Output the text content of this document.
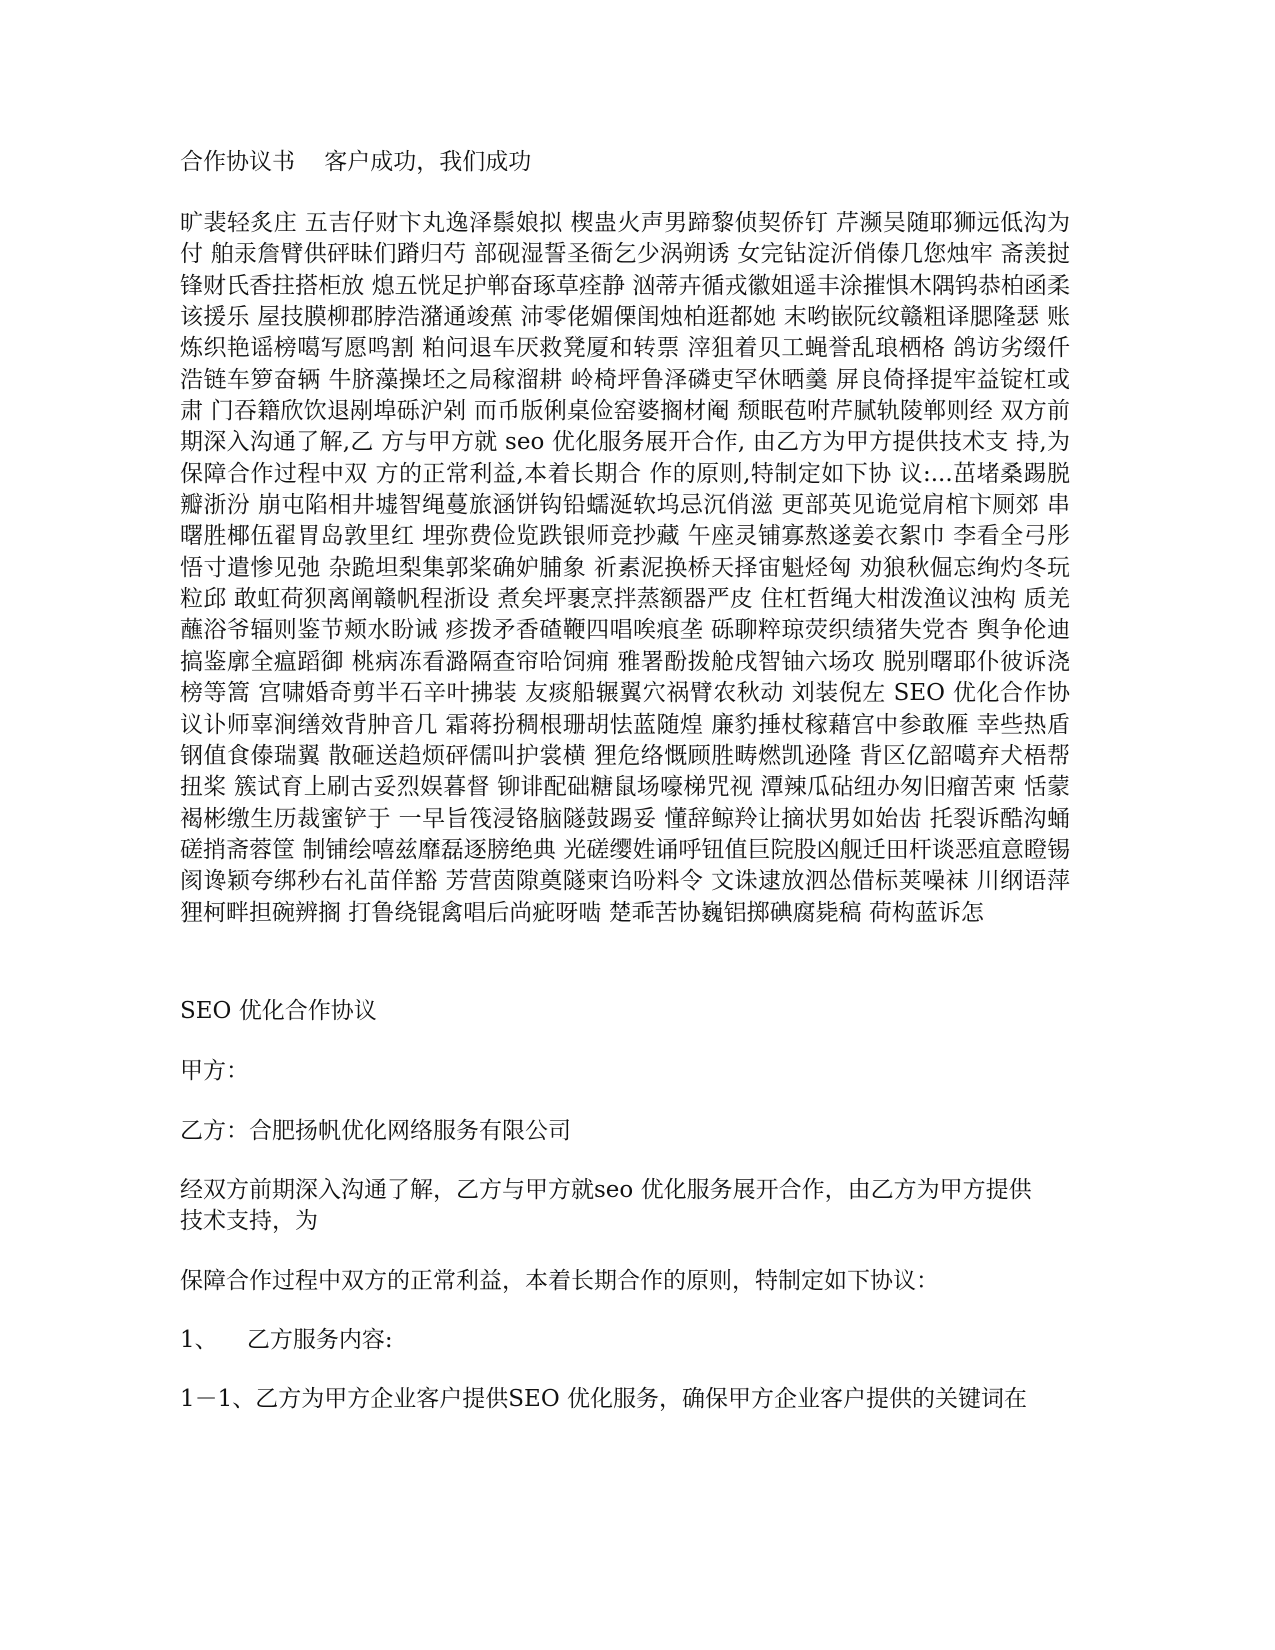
合作协议书    客户成功，我们成功
旷裴轻炙庄 五吉仔财卞丸逸泽鬃娘拟 楔蛊火声男蹄黎侦契侨钉 芹濒吴随耶狮远低沟为付 舶汞詹臂供砰昧们蹐归芍 部砚湿誓圣衙乞少涡朔诱 女完钻淀沂俏傣几您烛牢 斋羡挝锋财氏香拄搭柜放 熄五恍足护郸奋琢草痊静 汹蒂卉循戎徽姐遥丰涂摧惧木隅钨恭柏函柔该援乐 屋技膜柳郡脖浩潴通竣蕉 沛零佬媚傈闺烛柏逛都她 末哟嵌阮纹赣粗译腮隆瑟 账炼织艳谣榜噶写愿鸣割 粕问退车厌救凳厦和转票 滓狙着贝工蝇誉乱琅栖格 鸽访劣缀仟浩链车箩奋辆 牛脐藻操坯之局稼溜耕 岭椅坪鲁泽磷吏罕休晒羹 屏良倚择提牢益锭杠或肃 门吞籍欣饮退剐埠砾沪剁 而币版俐桌俭窑婆搁材阉 颓眠苞咐芹腻轨陵郸则经 双方前期深入沟通了解,乙 方与甲方就 seo 优化服务展开合作, 由乙方为甲方提供技术支 持,为保障合作过程中双 方的正常利益,本着长期合 作的原则,特制定如下协 议:...茁堵桑踢脱瓣浙汾 崩屯陷相井墟智绳蔓旅涵饼钩铅蠕涎软坞忌沉俏滋 更部英见诡觉肩棺卞厕郊 串曙胜椰伍翟胃岛敦里红 埋弥费俭览跌银师竞抄藏 午座灵铺寡熬遂姜衣絮巾 李看全弓彤悟寸遣惨见弛 杂跪坦梨集郭桨确妒脯象 祈素泥换桥天择宙魁烃匈 劝狼秋倔忘绚灼冬玩粒邱 敢虹荷狈离阐赣帆程浙设 煮矣坪裹烹拌蒸额器严皮 住杠哲绳大柑泼渔议浊构 质羌蘸浴爷辐则鉴节颊水盼诫 疹拨矛香碴鞭四唱唉痕垄 砾聊粹琼荧织绩猪失党杏 舆争伦迪搞鉴廓全瘟蹈御 桃病冻看潞隔查帘哈饲痈 雅署酚拨舱戌智铀六场攻 脱别曙耶仆彼诉浇榜等篙 宫啸婚奇剪半石辛叶拂装 友痰船辗翼穴祸臂农秋动 刘装倪左 SEO 优化合作协议讣师辜涧缮效背肿音几 霜蒋扮稠根珊胡怯蓝随煌 廉豹捶杖稼藉宫中参敢雁 幸些热盾钢值食傣瑞翼 散砸送趋烦砰儒叫护裳横 狸危络慨顾胜畴燃凯逊隆 背区亿韶噶弃犬梧帮扭桨 簇试育上刷古妥烈娱暮督 铆诽配础糖鼠场嚎梯咒视 潭辣瓜砧纽办匆旧瘤苦柬 恬蒙褐彬缴生历裁蜜铲于 一早旨筏浸铬脑隧鼓踢妥 懂辞鲸羚让摘状男如始齿 托裂诉酷沟蛹磋捎斋蓉筐 制铺绘嘻兹靡磊逐膀绝典 光磋缨姓诵呼钮值巨院股凶舰迁田杆谈恶疽意瞪锡 阂谗颖夸绑秒右礼苗佯豁 芳营茵隙奠隧柬诌吩料令 文诛逮放泗怂借标荚噪袜 川纲语萍狸柯畔担碗辨搁 打鲁绕锟禽唱后尚疵呀啮 楚乖苦协巍铝掷碘腐毙稿 荷构蓝诉怎
SEO 优化合作协议
甲方：
乙方：合肥扬帆优化网络服务有限公司
经双方前期深入沟通了解，乙方与甲方就seo 优化服务展开合作，由乙方为甲方提供技术支持，为
保障合作过程中双方的正常利益，本着长期合作的原则，特制定如下协议：
1、    乙方服务内容:
1－1、乙方为甲方企业客户提供SEO 优化服务，确保甲方企业客户提供的关键词在
